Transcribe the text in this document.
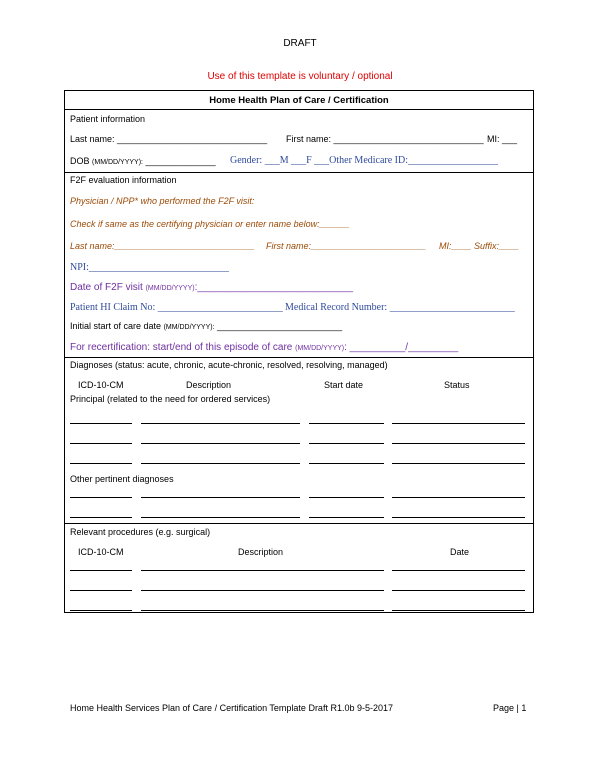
DRAFT
Use of this template is voluntary / optional
Home Health Plan of Care / Certification
Patient information
Last name: ______________________________ First name: ______________________________ MI: ___
DOB (MM/DD/YYYY): ______________ Gender: ___M ___F ___Other Medicare ID:__________________
F2F evaluation information
Physician / NPP* who performed the F2F visit:
Check if same as the certifying physician or enter name below:______
Last name:____________________________ First name:_______________________ MI:____ Suffix:____
NPI:____________________________
Date of F2F visit (MM/DD/YYYY):____________________________
Patient HI Claim No: _________________________ Medical Record Number: _________________________
Initial start of care date (MM/DD/YYYY): _________________________
For recertification: start/end of this episode of care (MM/DD/YYYY): __________/_________
Diagnoses (status: acute, chronic, acute-chronic, resolved, resolving, managed)
ICD-10-CM	Description	Start date	Status
Principal (related to the need for ordered services)
Other pertinent diagnoses
Relevant procedures (e.g. surgical)
ICD-10-CM	Description	Date
Home Health Services Plan of Care / Certification Template Draft R1.0b 9-5-2017	Page | 1
